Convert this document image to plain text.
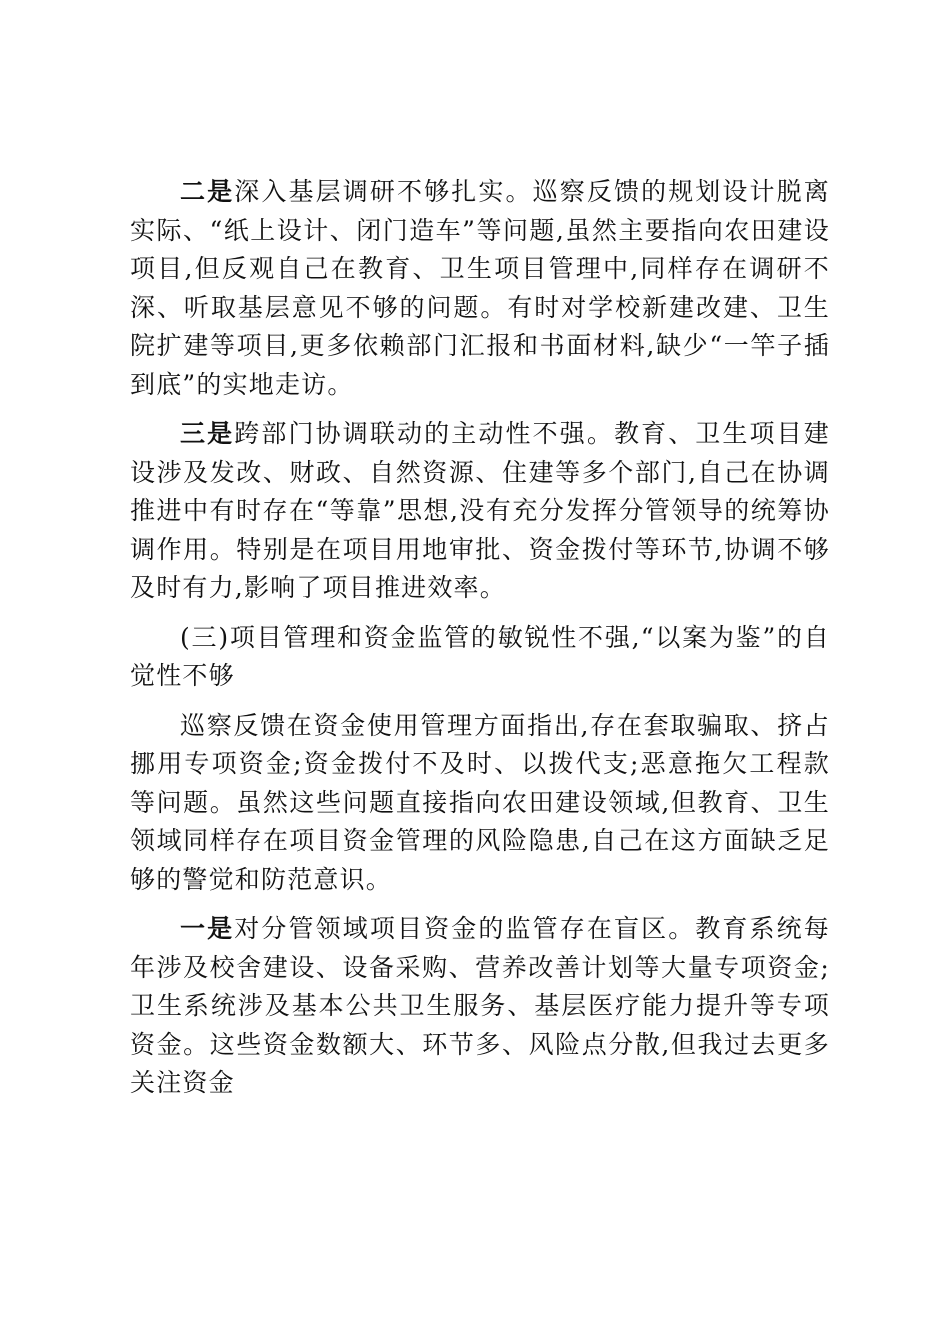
二是深入基层调研不够扎实。巡察反馈的规划设计脱离实际、“纸上设计、闭门造车”等问题,虽然主要指向农田建设项目,但反观自己在教育、卫生项目管理中,同样存在调研不深、听取基层意见不够的问题。有时对学校新建改建、卫生院扩建等项目,更多依赖部门汇报和书面材料,缺少“一竿子插到底”的实地走访。

三是跨部门协调联动的主动性不强。教育、卫生项目建设涉及发改、财政、自然资源、住建等多个部门,自己在协调推进中有时存在“等靠”思想,没有充分发挥分管领导的统筹协调作用。特别是在项目用地审批、资金拨付等环节,协调不够及时有力,影响了项目推进效率。

(三)项目管理和资金监管的敏锐性不强,“以案为鉴”的自觉性不够

巡察反馈在资金使用管理方面指出,存在套取骗取、挤占挪用专项资金;资金拨付不及时、以拨代支;恶意拖欠工程款等问题。虽然这些问题直接指向农田建设领域,但教育、卫生领域同样存在项目资金管理的风险隐患,自己在这方面缺乏足够的警觉和防范意识。

一是对分管领域项目资金的监管存在盲区。教育系统每年涉及校舍建设、设备采购、营养改善计划等大量专项资金;卫生系统涉及基本公共卫生服务、基层医疗能力提升等专项资金。这些资金数额大、环节多、风险点分散,但我过去更多关注资金
